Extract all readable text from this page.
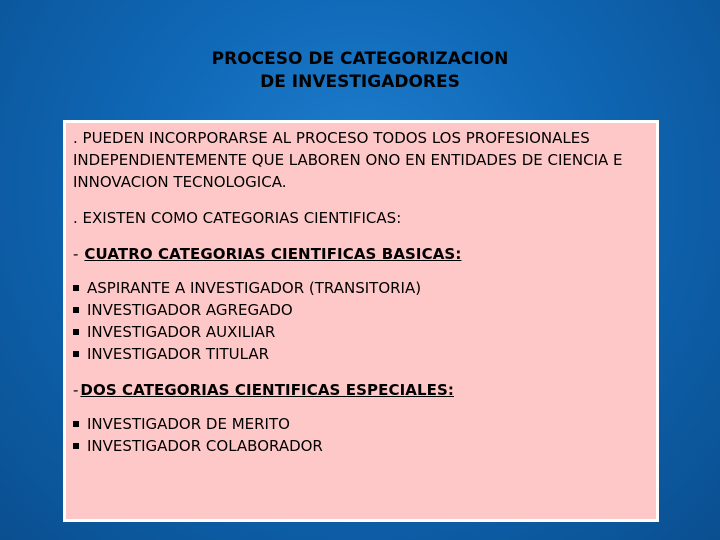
PROCESO DE CATEGORIZACION
DE INVESTIGADORES

. PUEDEN INCORPORARSE AL PROCESO TODOS LOS PROFESIONALES INDEPENDIENTEMENTE QUE LABOREN ONO EN ENTIDADES DE CIENCIA E INNOVACION TECNOLOGICA.

. EXISTEN COMO CATEGORIAS CIENTIFICAS:

- CUATRO CATEGORIAS CIENTIFICAS BASICAS:
ASPIRANTE A INVESTIGADOR (TRANSITORIA)
INVESTIGADOR AGREGADO
INVESTIGADOR AUXILIAR
INVESTIGADOR TITULAR
- DOS CATEGORIAS CIENTIFICAS ESPECIALES:
INVESTIGADOR DE MERITO
INVESTIGADOR COLABORADOR
